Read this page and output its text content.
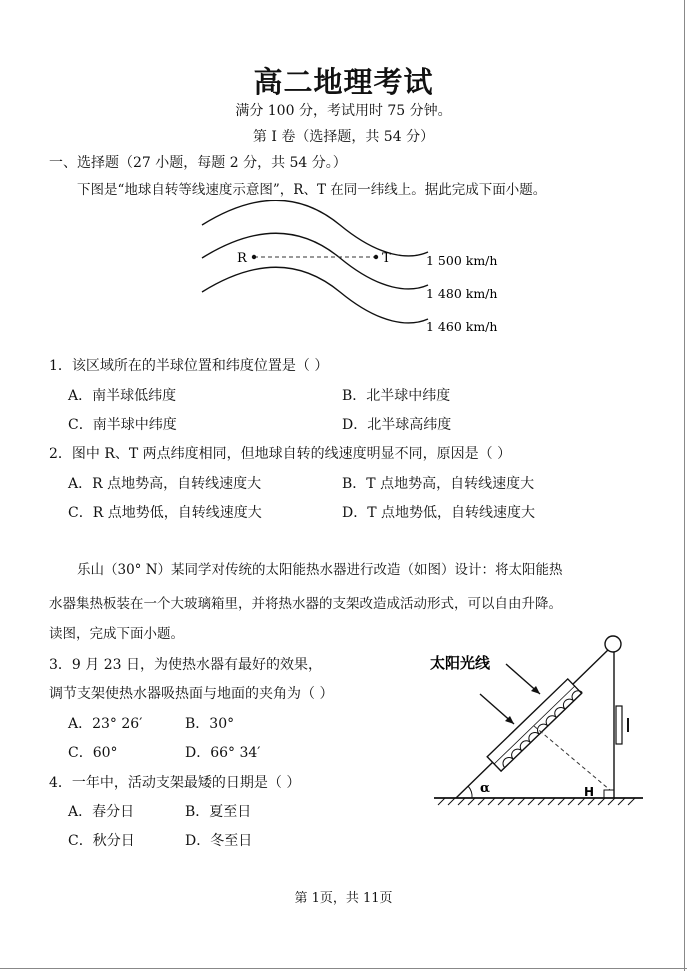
高二地理考试
满分 100 分，考试用时 75 分钟。
第 I 卷（选择题，共 54 分）
一、选择题（27 小题，每题 2 分，共 54 分。）
下图是“地球自转等线速度示意图”，R、T 在同一纬线上。据此完成下面小题。
R	T	1 500 km/h
1 480 km/h
1 460 km/h
1．该区域所在的半球位置和纬度位置是（ ）
A．南半球低纬度	B．北半球中纬度
C．南半球中纬度	D．北半球高纬度
2．图中 R、T 两点纬度相同，但地球自转的线速度明显不同，原因是（ ）
A．R 点地势高，自转线速度大	B．T 点地势高，自转线速度大
C．R 点地势低，自转线速度大	D．T 点地势低，自转线速度大
乐山（30° N）某同学对传统的太阳能热水器进行改造（如图）设计：将太阳能热
水器集热板装在一个大玻璃箱里，并将热水器的支架改造成活动形式，可以自由升降。
读图，完成下面小题。
3．9 月 23 日，为使热水器有最好的效果，
调节支架使热水器吸热面与地面的夹角为（ ）
A．23° 26′	B．30°
C．60°	D．66° 34′
4．一年中，活动支架最矮的日期是（ ）
A．春分日	B．夏至日
C．秋分日	D．冬至日
太阳光线
α	H
第 1页，共 11页
